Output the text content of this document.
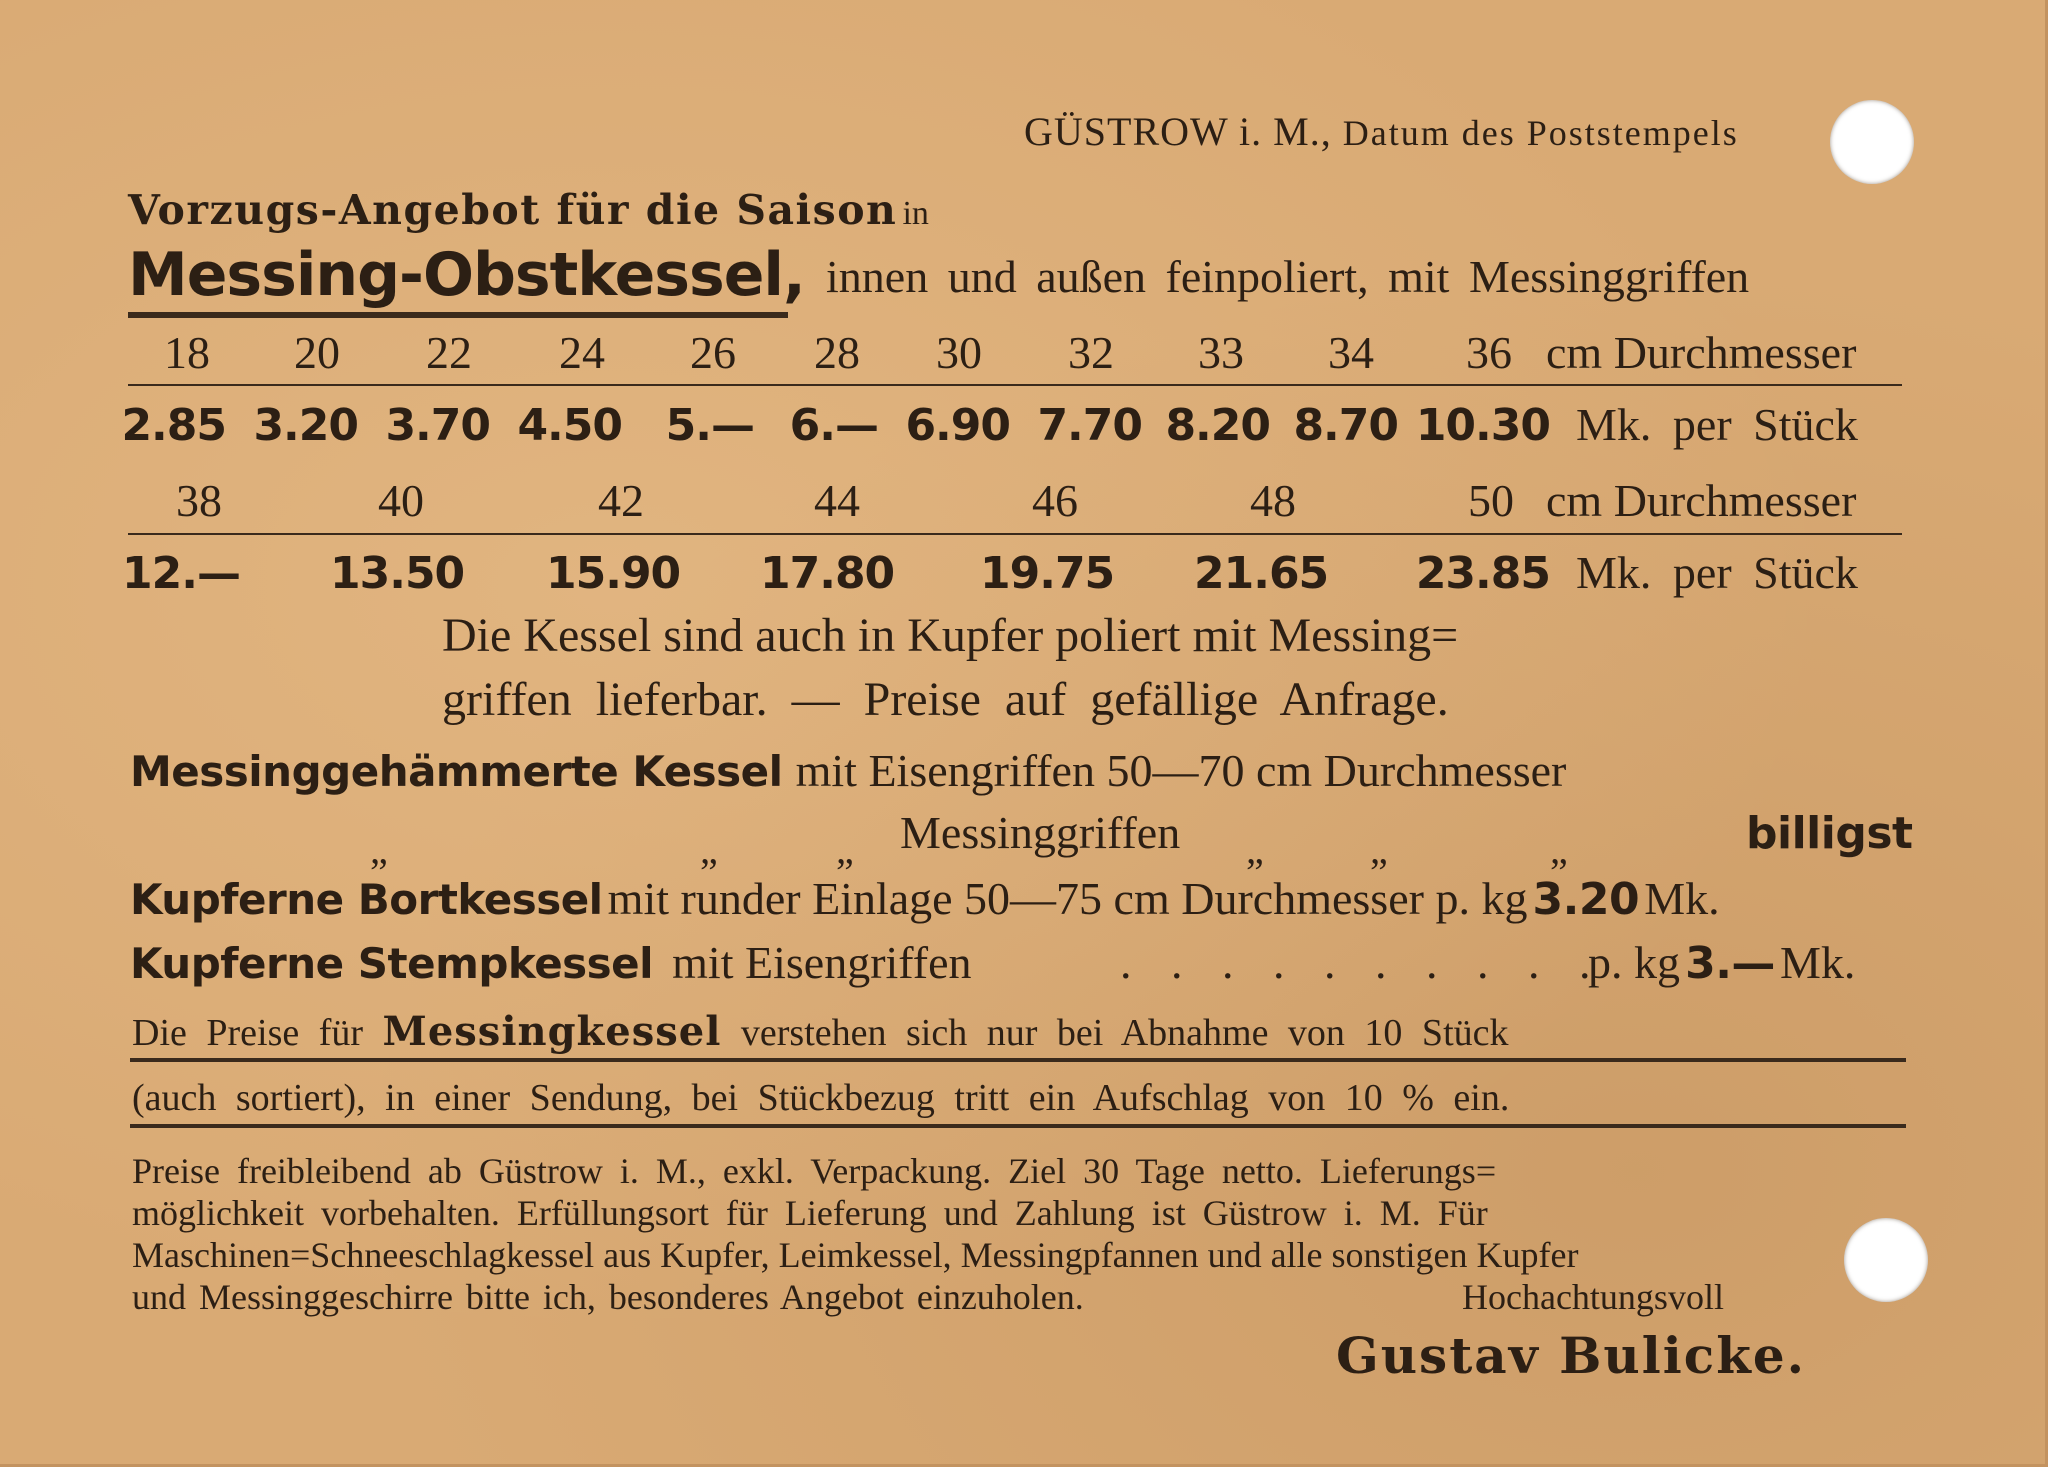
GÜSTROW i. M., Datum des Poststempels
Vorzugs-Angebot für die Saison in
Messing-Obstkessel, innen und außen feinpoliert, mit Messinggriffen
18	20	22	24	26	28	30	32	33	34	36 cm Durchmesser
2.85 3.20 3.70 4.50 5.— 6.— 6.90 7.70 8.20 8.70 10.30 Mk. per Stück
38	40	42	44	46	48	50 cm Durchmesser
12.— 13.50 15.90 17.80 19.75 21.65	23.85 Mk. per Stück
Die Kessel sind auch in Kupfer poliert mit Messing=
griffen lieferbar. — Preise auf gefällige Anfrage.
Messinggehämmerte Kessel mit Eisengriffen 50—70 cm Durchmesser
„	„	„ Messinggriffen „	„	„	billigst
Kupferne Bortkessel mit runder Einlage 50—75 cm Durchmesser p. kg 3.20 Mk.
Kupferne Stempkessel mit Eisengriffen	. . . . . . . . . .
p. kg 3.— Mk.
Die Preise für Messingkessel verstehen sich nur bei Abnahme von 10 Stück
(auch sortiert), in einer Sendung, bei Stückbezug tritt ein Aufschlag von 10 % ein.
Preise freibleibend ab Güstrow i. M., exkl. Verpackung. Ziel 30 Tage netto. Lieferungs=
möglichkeit vorbehalten. Erfüllungsort für Lieferung und Zahlung ist Güstrow i. M. Für
Maschinen=Schneeschlagkessel aus Kupfer, Leimkessel, Messingpfannen und alle sonstigen Kupfer
und Messinggeschirre bitte ich, besonderes Angebot einzuholen.	Hochachtungsvoll
Gustav Bulicke.
